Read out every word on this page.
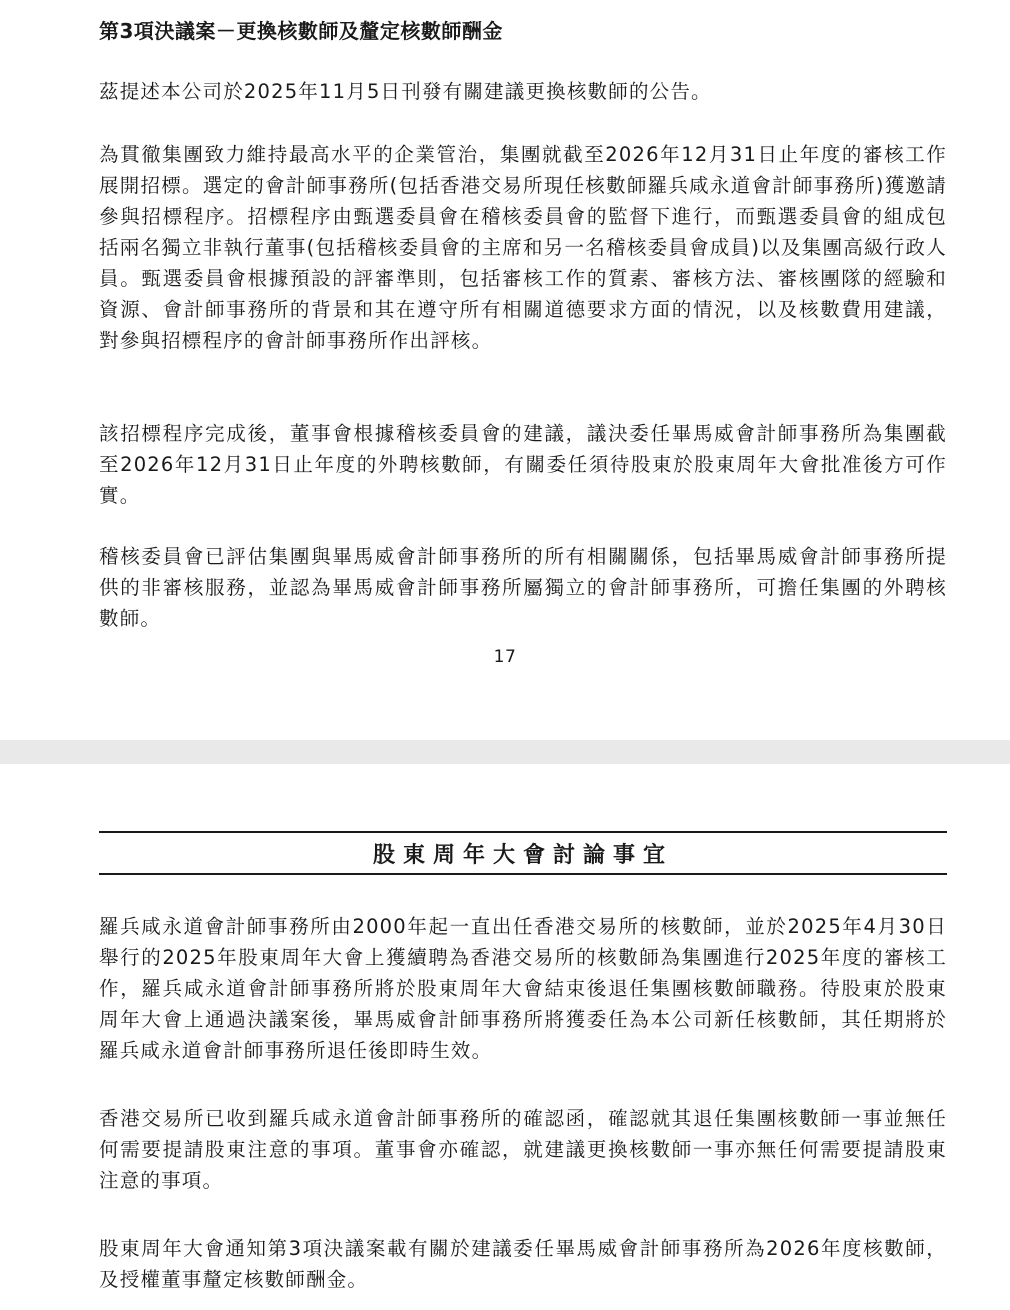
第3項決議案－更換核數師及釐定核數師酬金

茲提述本公司於2025年11月5日刊發有關建議更換核數師的公告。

為貫徹集團致力維持最高水平的企業管治，集團就截至2026年12月31日止年度的審核工作展開招標。選定的會計師事務所(包括香港交易所現任核數師羅兵咸永道會計師事務所)獲邀請參與招標程序。招標程序由甄選委員會在稽核委員會的監督下進行，而甄選委員會的組成包括兩名獨立非執行董事(包括稽核委員會的主席和另一名稽核委員會成員)以及集團高級行政人員。甄選委員會根據預設的評審準則，包括審核工作的質素、審核方法、審核團隊的經驗和資源、會計師事務所的背景和其在遵守所有相關道德要求方面的情況，以及核數費用建議，對參與招標程序的會計師事務所作出評核。

該招標程序完成後，董事會根據稽核委員會的建議，議決委任畢馬威會計師事務所為集團截至2026年12月31日止年度的外聘核數師，有關委任須待股東於股東周年大會批准後方可作實。

稽核委員會已評估集團與畢馬威會計師事務所的所有相關關係，包括畢馬威會計師事務所提供的非審核服務，並認為畢馬威會計師事務所屬獨立的會計師事務所，可擔任集團的外聘核數師。

17
股東周年大會討論事宜

羅兵咸永道會計師事務所由2000年起一直出任香港交易所的核數師，並於2025年4月30日舉行的2025年股東周年大會上獲續聘為香港交易所的核數師為集團進行2025年度的審核工作，羅兵咸永道會計師事務所將於股東周年大會結束後退任集團核數師職務。待股東於股東周年大會上通過決議案後，畢馬威會計師事務所將獲委任為本公司新任核數師，其任期將於羅兵咸永道會計師事務所退任後即時生效。

香港交易所已收到羅兵咸永道會計師事務所的確認函，確認就其退任集團核數師一事並無任何需要提請股東注意的事項。董事會亦確認，就建議更換核數師一事亦無任何需要提請股東注意的事項。

股東周年大會通知第3項決議案載有關於建議委任畢馬威會計師事務所為2026年度核數師，及授權董事釐定核數師酬金。
